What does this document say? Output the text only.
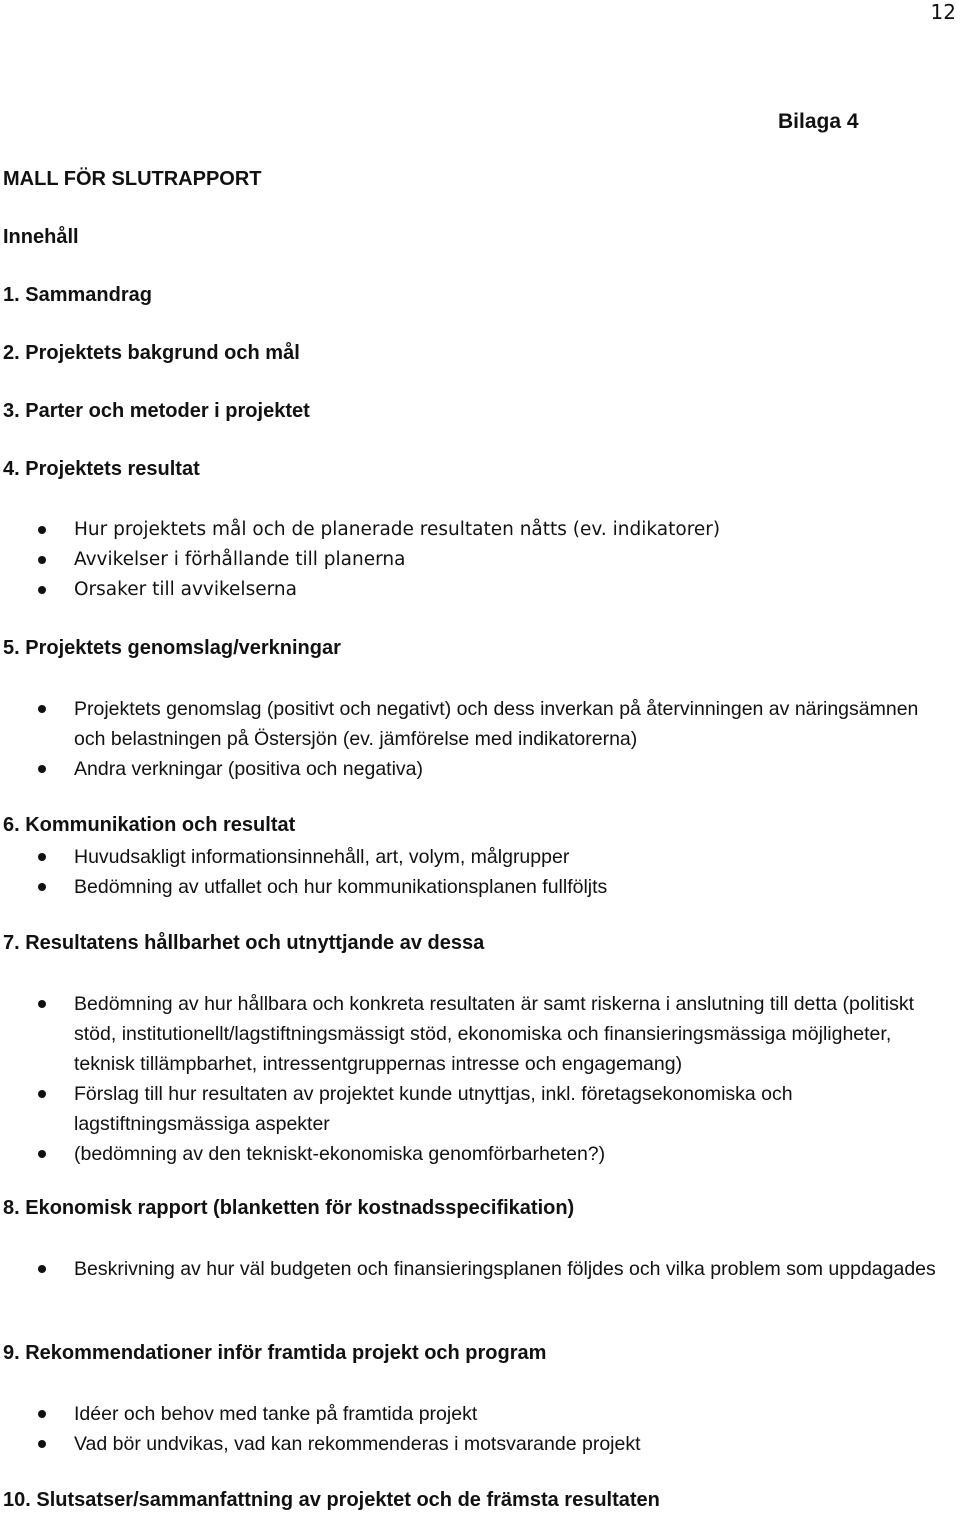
12
Bilaga 4
MALL FÖR SLUTRAPPORT
Innehåll
1. Sammandrag
2. Projektets bakgrund och mål
3. Parter och metoder i projektet
4. Projektets resultat
Hur projektets mål och de planerade resultaten nåtts (ev. indikatorer)
Avvikelser i förhållande till planerna
Orsaker till avvikelserna
5. Projektets genomslag/verkningar
Projektets genomslag (positivt och negativt) och dess inverkan på återvinningen av näringsämnen och belastningen på Östersjön (ev. jämförelse med indikatorerna)
Andra verkningar (positiva och negativa)
6. Kommunikation och resultat
Huvudsakligt informationsinnehåll, art, volym, målgrupper
Bedömning av utfallet och hur kommunikationsplanen fullföljts
7. Resultatens hållbarhet och utnyttjande av dessa
Bedömning av hur hållbara och konkreta resultaten är samt riskerna i anslutning till detta (politiskt stöd, institutionellt/lagstiftningsmässigt stöd, ekonomiska och finansieringsmässiga möjligheter, teknisk tillämpbarhet, intressentgruppernas intresse och engagemang)
Förslag till hur resultaten av projektet kunde utnyttjas, inkl. företagsekonomiska och lagstiftningsmässiga aspekter
(bedömning av den tekniskt-ekonomiska genomförbarheten?)
8. Ekonomisk rapport (blanketten för kostnadsspecifikation)
Beskrivning av hur väl budgeten och finansieringsplanen följdes och vilka problem som uppdagades
9. Rekommendationer inför framtida projekt och program
Idéer och behov med tanke på framtida projekt
Vad bör undvikas, vad kan rekommenderas i motsvarande projekt
10. Slutsatser/sammanfattning av projektet och de främsta resultaten
